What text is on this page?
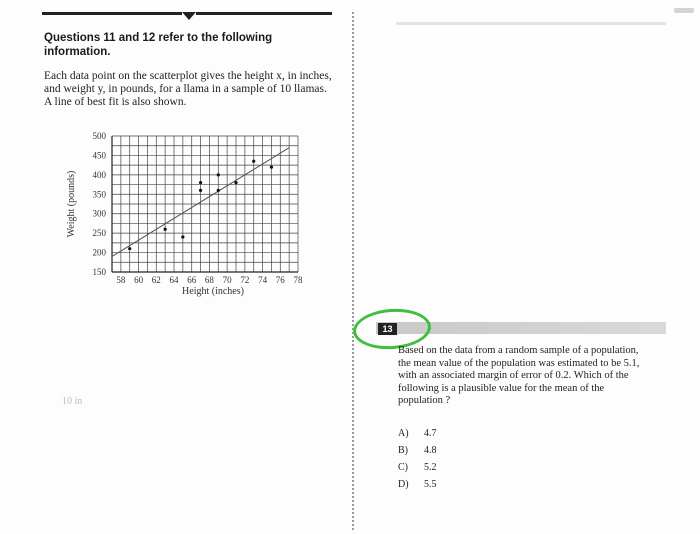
Questions 11 and 12 refer to the following information.
Each data point on the scatterplot gives the height x, in inches, and weight y, in pounds, for a llama in a sample of 10 llamas. A line of best fit is also shown.
150
200
250
300
350
400
450
500
58 60 62 64 66 68 70 72 74 76 78
Height (inches)
Weight (pounds)
10 in
13
Based on the data from a random sample of a population, the mean value of the population was estimated to be 5.1, with an associated margin of error of 0.2. Which of the following is a plausible value for the mean of the population ?
A) 4.7
B) 4.8
C) 5.2
D) 5.5
